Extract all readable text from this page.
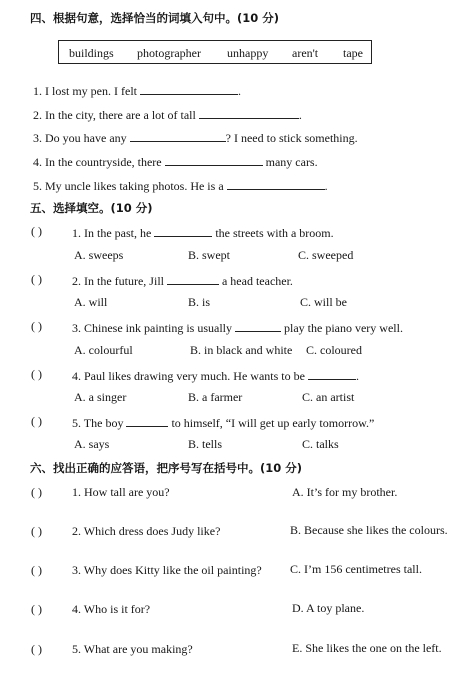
四、根据句意，选择恰当的词填入句中。(10 分)
buildings photographer unhappy aren't tape
1. I lost my pen. I felt	.
2. In the city, there are a lot of tall	.
3. Do you have any	? I need to stick something.
4. In the countryside, there	many cars.
5. My uncle likes taking photos. He is a	.
五、选择填空。(10 分)
( )	1. In the past, he	the streets with a broom.
A. sweeps	B. swept	C. sweeped
( )	2. In the future, Jill	a head teacher.
A. will	B. is	C. will be
( )	3. Chinese ink painting is usually	play the piano very well.
A. colourful	B. in black and white C. coloured
( )	4. Paul likes drawing very much. He wants to be	.
A. a singer	B. a farmer	C. an artist
( )	5. The boy	to himself, “I will get up early tomorrow.”
A. says	B. tells	C. talks
六、找出正确的应答语，把序号写在括号中。(10 分)
( )	1. How tall are you?	A. It’s for my brother.
( )	2. Which dress does Judy like?	B. Because she likes the colours.
( )	3. Why does Kitty like the oil painting? C. I’m 156 centimetres tall.
( )	4. Who is it for?	D. A toy plane.
( )	5. What are you making?	E. She likes the one on the left.
